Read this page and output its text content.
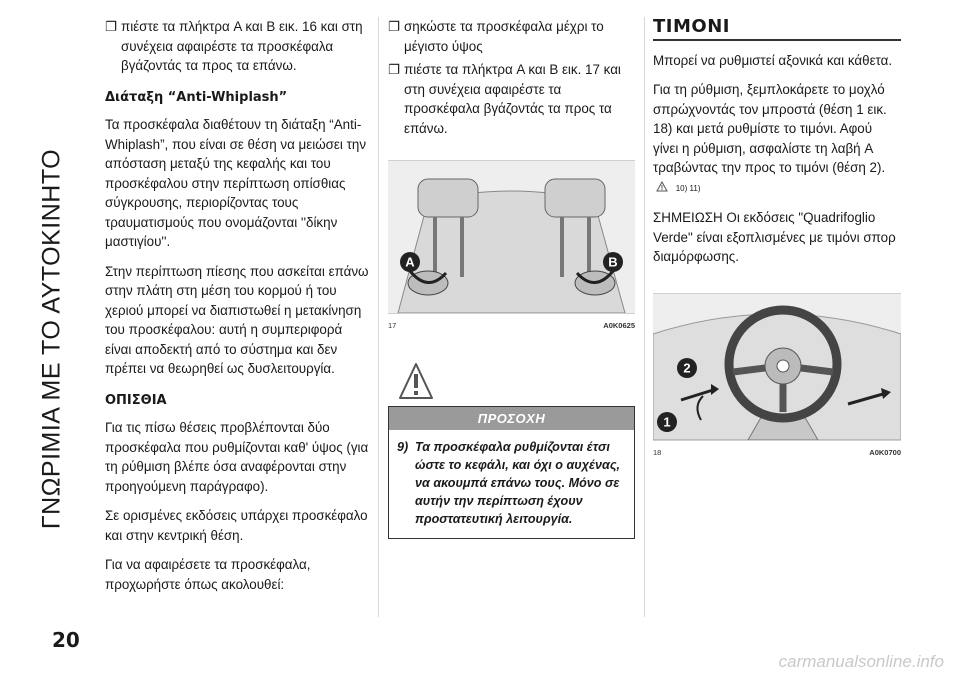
ΓΝΩΡΙΜΙΑ ΜΕ ΤΟ ΑΥΤΟΚΙΝΗΤΟ
20
❐ πιέστε τα πλήκτρα A και B εικ. 16 και στη συνέχεια αφαιρέστε τα προσκέφαλα βγάζοντάς τα προς τα επάνω.
Διάταξη “Anti-Whiplash”

Τα προσκέφαλα διαθέτουν τη διάταξη “Anti-Whiplash”, που είναι σε θέση να μειώσει την απόσταση μεταξύ της κεφαλής και του προσκέφαλου στην περίπτωση οπίσθιας σύγκρουσης, περιορίζοντας τους τραυματισμούς που ονομάζονται ''δίκην μαστιγίου''.

Στην περίπτωση πίεσης που ασκείται επάνω στην πλάτη στη μέση του κορμού ή του χεριού μπορεί να διαπιστωθεί η μετακίνηση του προσκέφαλου: αυτή η συμπεριφορά είναι αποδεκτή από το σύστημα και δεν πρέπει να θεωρηθεί ως δυσλειτουργία.

ΟΠΙΣΘΙΑ

Για τις πίσω θέσεις προβλέπονται δύο προσκέφαλα που ρυθμίζονται καθ' ύψος (για τη ρύθμιση βλέπε όσα αναφέρονται στην προηγούμενη παράγραφο).

Σε ορισμένες εκδόσεις υπάρχει προσκέφαλο και στην κεντρική θέση.

Για να αφαιρέσετε τα προσκέφαλα, προχωρήστε όπως ακολουθεί:

❐ σηκώστε τα προσκέφαλα μέχρι το μέγιστο ύψος
❐ πιέστε τα πλήκτρα A και B εικ. 17 και στη συνέχεια αφαιρέστε τα προσκέφαλα βγάζοντάς τα προς τα επάνω.
A	B
17	A0K0625
ΠΡΟΣΟΧΗ
9) Τα προσκέφαλα ρυθμίζονται έτσι ώστε το κεφάλι, και όχι ο αυχένας, να ακουμπά επάνω τους. Μόνο σε αυτήν την περίπτωση έχουν προστατευτική λειτουργία.
ΤΙΜΟΝΙ

Μπορεί να ρυθμιστεί αξονικά και κάθετα.

Για τη ρύθμιση, ξεμπλοκάρετε το μοχλό σπρώχνοντάς τον μπροστά (θέση 1 εικ. 18) και μετά ρυθμίστε το τιμόνι. Αφού γίνει η ρύθμιση, ασφαλίστε τη λαβή A τραβώντας την προς το τιμόνι (θέση 2).  10) 11)

ΣΗΜΕΙΩΣΗ Οι εκδόσεις "Quadrifoglio Verde" είναι εξοπλισμένες με τιμόνι σπορ διαμόρφωσης.

1
2
18	A0K0700
carmanualsonline.info
